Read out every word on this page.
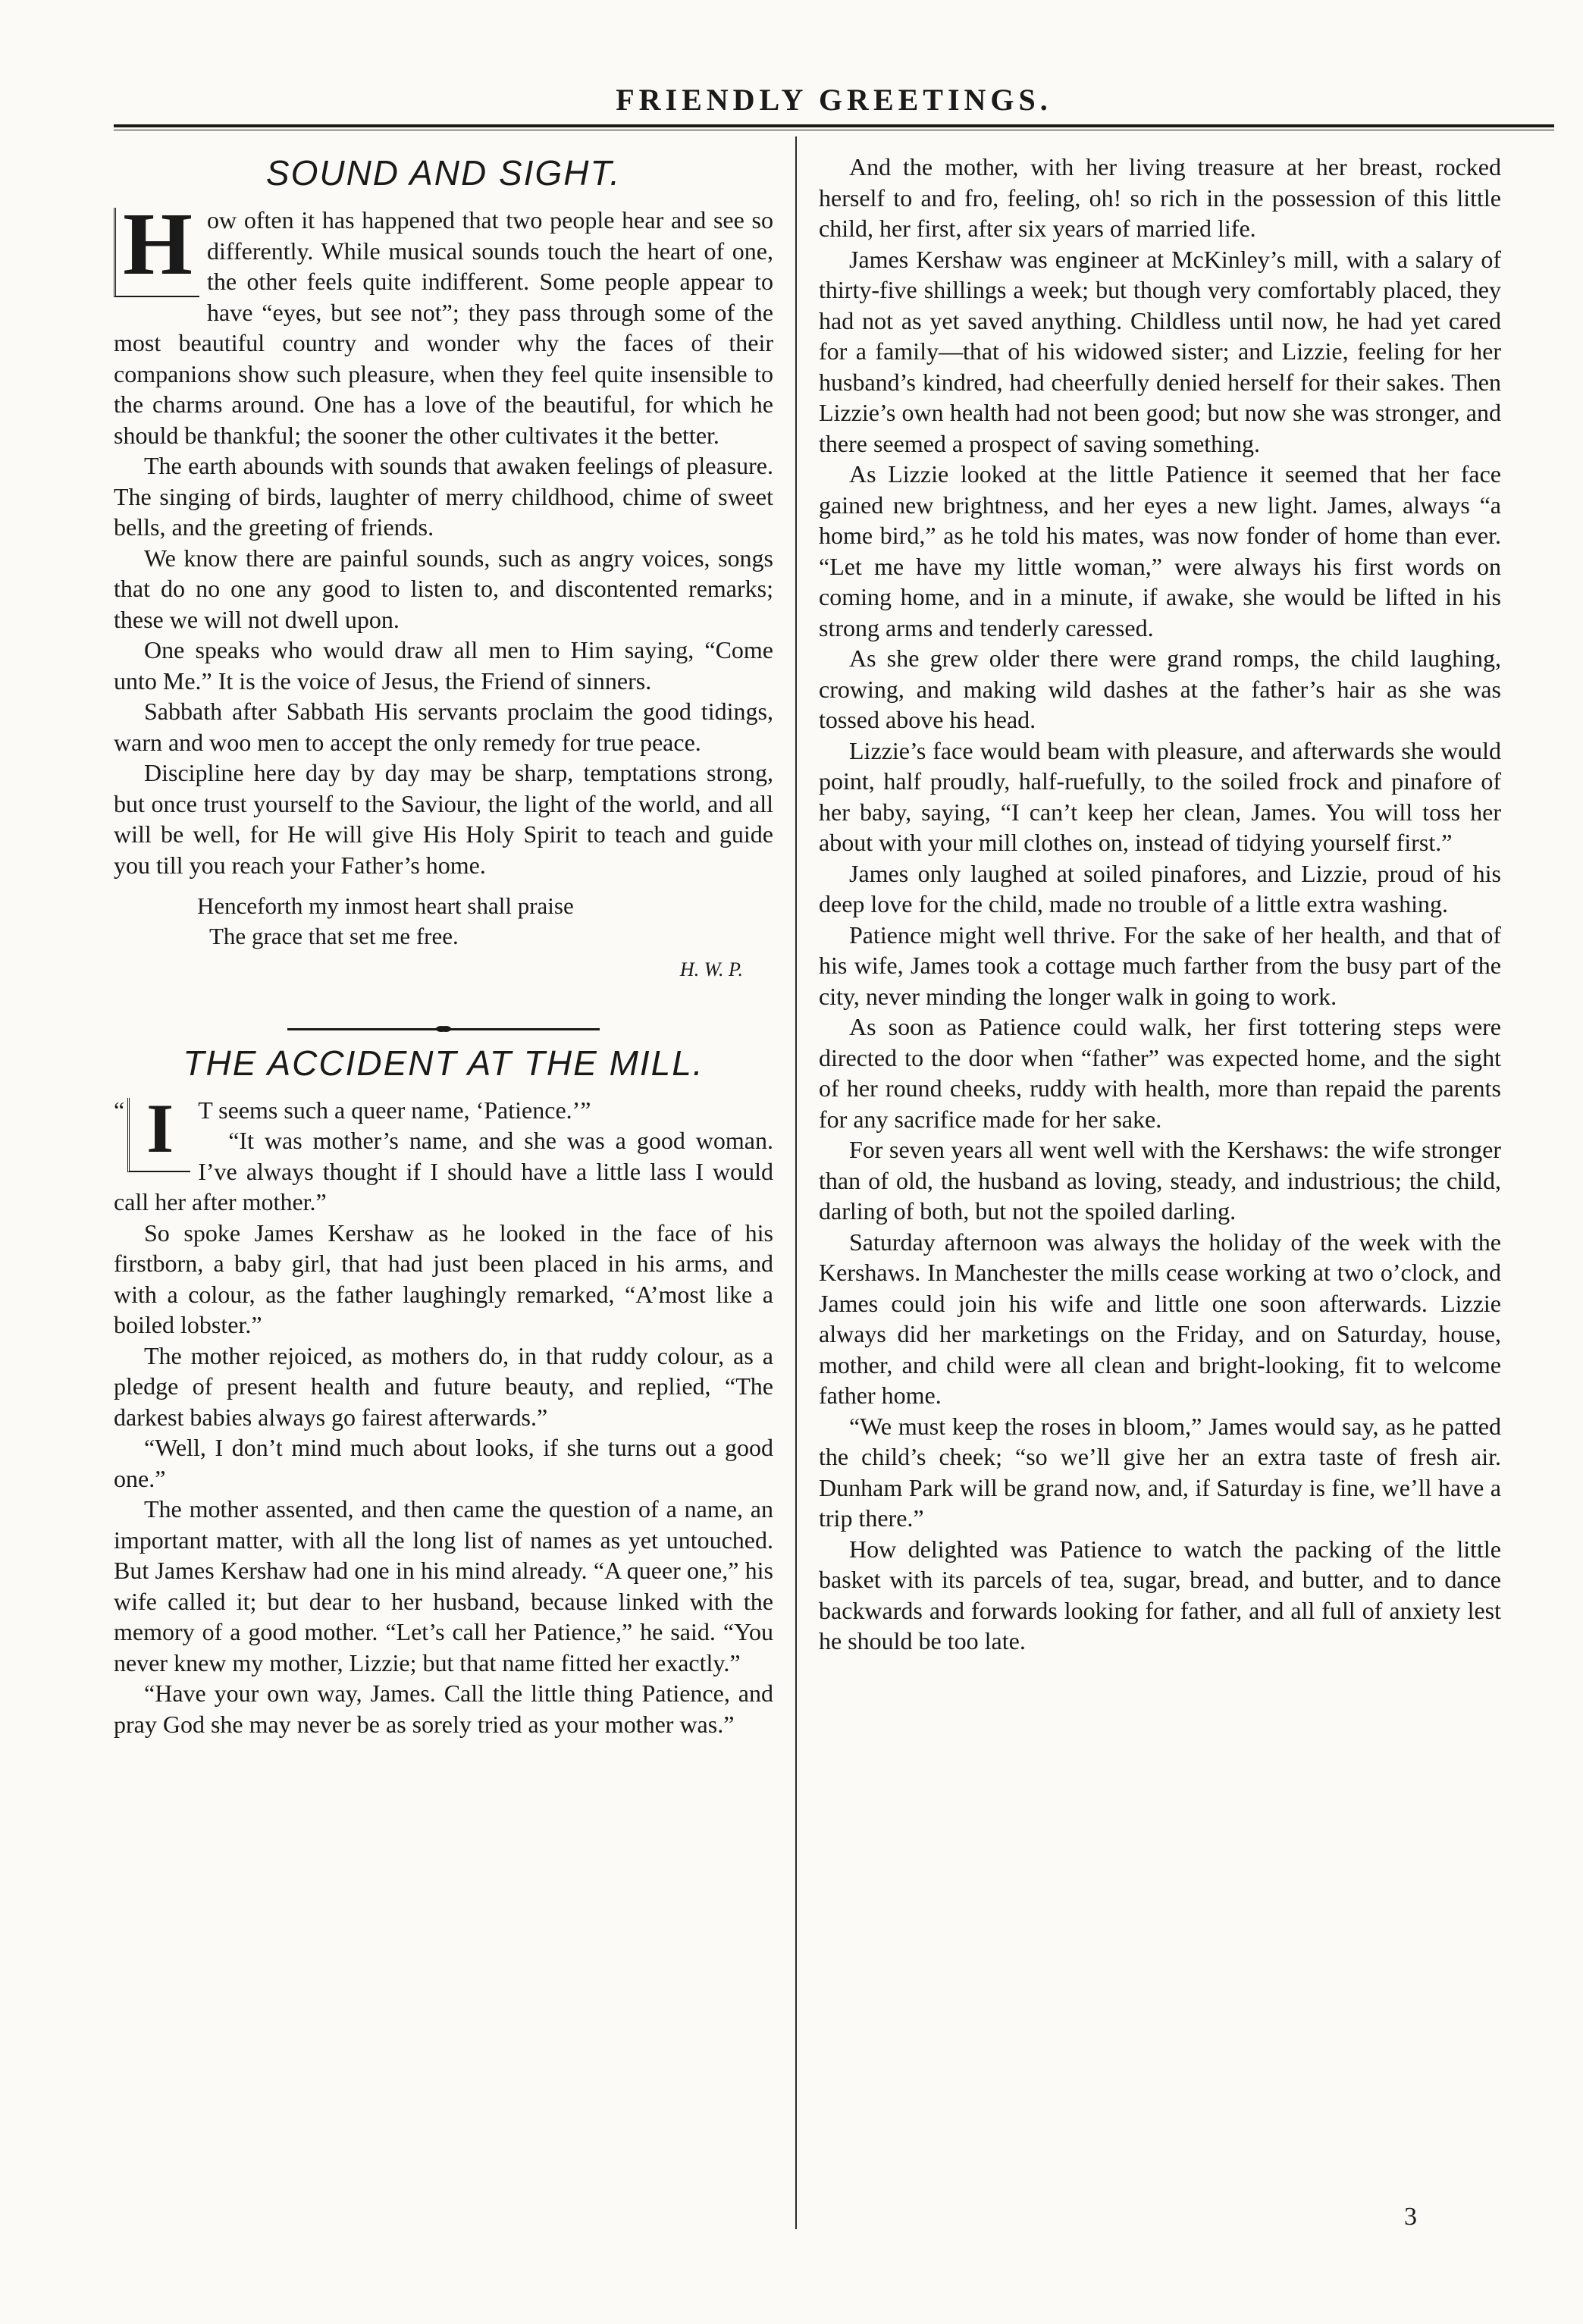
FRIENDLY GREETINGS.
SOUND AND SIGHT.

H ow often it has happened that two people hear and see so differently. While musical sounds touch the heart of one, the other feels quite indifferent. Some people appear to have “eyes, but see not”; they pass through some of the most beautiful country and wonder why the faces of their companions show such pleasure, when they feel quite insensible to the charms around. One has a love of the beautiful, for which he should be thankful; the sooner the other cultivates it the better.

The earth abounds with sounds that awaken feelings of pleasure. The singing of birds, laughter of merry childhood, chime of sweet bells, and the greeting of friends.

We know there are painful sounds, such as angry voices, songs that do no one any good to listen to, and discontented remarks; these we will not dwell upon.

One speaks who would draw all men to Him saying, “Come unto Me.” It is the voice of Jesus, the Friend of sinners.

Sabbath after Sabbath His servants proclaim the good tidings, warn and woo men to accept the only remedy for true peace.

Discipline here day by day may be sharp, temptations strong, but once trust yourself to the Saviour, the light of the world, and all will be well, for He will give His Holy Spirit to teach and guide you till you reach your Father’s home.

Henceforth my inmost heart shall praise
The grace that set me free.
H. W. P.
THE ACCIDENT AT THE MILL.

“ I	T seems such a queer name, ‘Patience.’”

“It was mother’s name, and she was a good woman. I’ve always thought if I should have a little lass I would call her after mother.”

So spoke James Kershaw as he looked in the face of his firstborn, a baby girl, that had just been placed in his arms, and with a colour, as the father laughingly remarked, “A’most like a boiled lobster.”

The mother rejoiced, as mothers do, in that ruddy colour, as a pledge of present health and future beauty, and replied, “The darkest babies always go fairest afterwards.”

“Well, I don’t mind much about looks, if she turns out a good one.”

The mother assented, and then came the question of a name, an important matter, with all the long list of names as yet untouched. But James Kershaw had one in his mind already. “A queer one,” his wife called it; but dear to her husband, because linked with the memory of a good mother. “Let’s call her Patience,” he said. “You never knew my mother, Lizzie; but that name fitted her exactly.”

“Have your own way, James. Call the little thing Patience, and pray God she may never be as sorely tried as your mother was.”

And the mother, with her living treasure at her breast, rocked herself to and fro, feeling, oh! so rich in the possession of this little child, her first, after six years of married life.

James Kershaw was engineer at McKinley’s mill, with a salary of thirty-five shillings a week; but though very comfortably placed, they had not as yet saved anything. Childless until now, he had yet cared for a family—that of his widowed sister; and Lizzie, feeling for her husband’s kindred, had cheerfully denied herself for their sakes. Then Lizzie’s own health had not been good; but now she was stronger, and there seemed a prospect of saving something.

As Lizzie looked at the little Patience it seemed that her face gained new brightness, and her eyes a new light. James, always “a home bird,” as he told his mates, was now fonder of home than ever. “Let me have my little woman,” were always his first words on coming home, and in a minute, if awake, she would be lifted in his strong arms and tenderly caressed.

As she grew older there were grand romps, the child laughing, crowing, and making wild dashes at the father’s hair as she was tossed above his head.

Lizzie’s face would beam with pleasure, and afterwards she would point, half proudly, half-ruefully, to the soiled frock and pinafore of her baby, saying, “I can’t keep her clean, James. You will toss her about with your mill clothes on, instead of tidying yourself first.”

James only laughed at soiled pinafores, and Lizzie, proud of his deep love for the child, made no trouble of a little extra washing.

Patience might well thrive. For the sake of her health, and that of his wife, James took a cottage much farther from the busy part of the city, never minding the longer walk in going to work.

As soon as Patience could walk, her first tottering steps were directed to the door when “father” was expected home, and the sight of her round cheeks, ruddy with health, more than repaid the parents for any sacrifice made for her sake.

For seven years all went well with the Kershaws: the wife stronger than of old, the husband as loving, steady, and industrious; the child, darling of both, but not the spoiled darling.

Saturday afternoon was always the holiday of the week with the Kershaws. In Manchester the mills cease working at two o’clock, and James could join his wife and little one soon afterwards. Lizzie always did her marketings on the Friday, and on Saturday, house, mother, and child were all clean and bright-looking, fit to welcome father home.

“We must keep the roses in bloom,” James would say, as he patted the child’s cheek; “so we’ll give her an extra taste of fresh air. Dunham Park will be grand now, and, if Saturday is fine, we’ll have a trip there.”

How delighted was Patience to watch the packing of the little basket with its parcels of tea, sugar, bread, and butter, and to dance backwards and forwards looking for father, and all full of anxiety lest he should be too late.

3
